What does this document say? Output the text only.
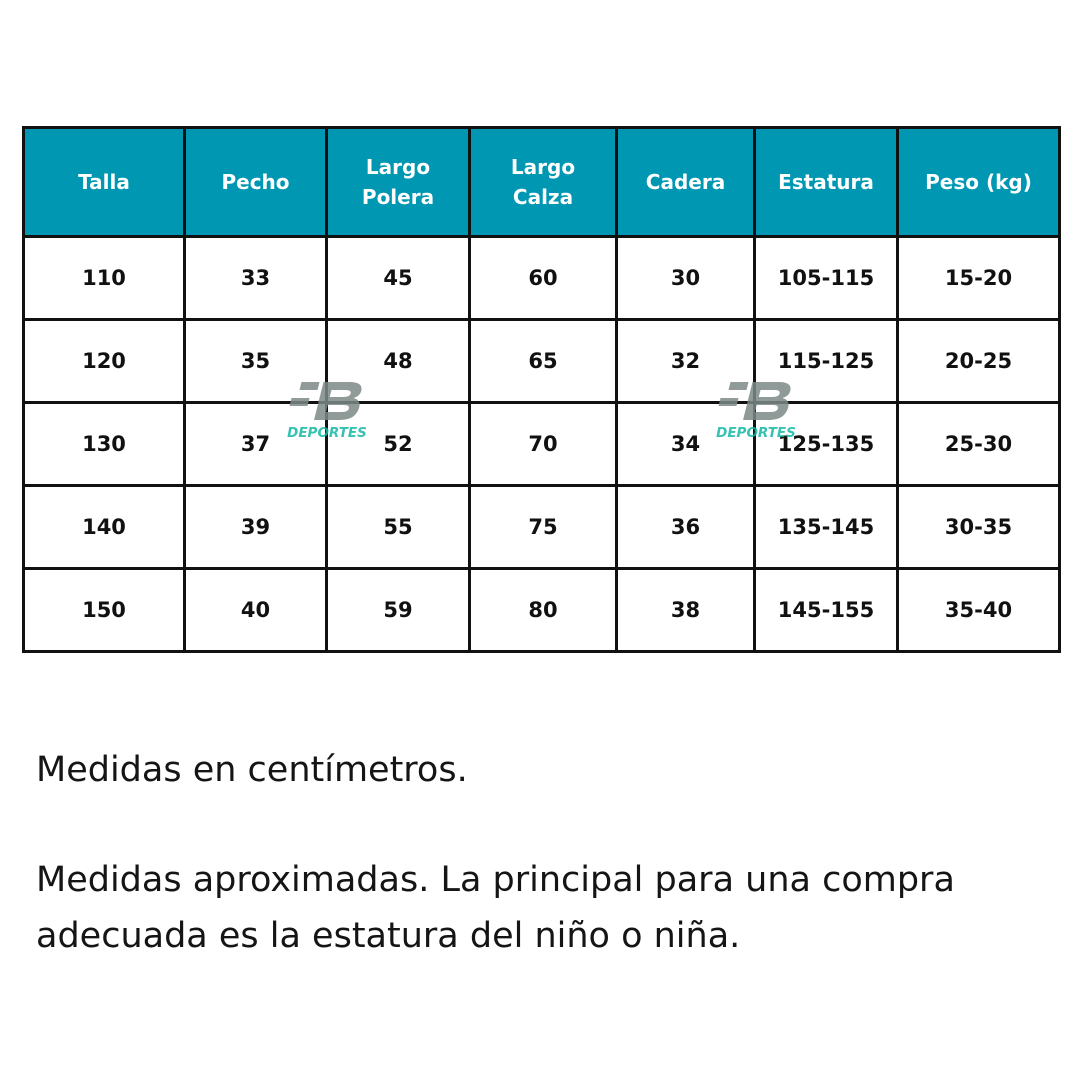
Talla	Pecho	Largo Polera	Largo Calza	Cadera	Estatura	Peso (kg)
110	33	45	60	30	105-115	15-20
120	35	48	65	32	115-125	20-25
130	37	52	70	34	125-135	25-30
140	39	55	75	36	135-145	30-35
150	40	59	80	38	145-155	35-40
DEPORTES	DEPORTES

Medidas en centímetros.

Medidas aproximadas. La principal para una compra adecuada es la estatura del niño o niña.
